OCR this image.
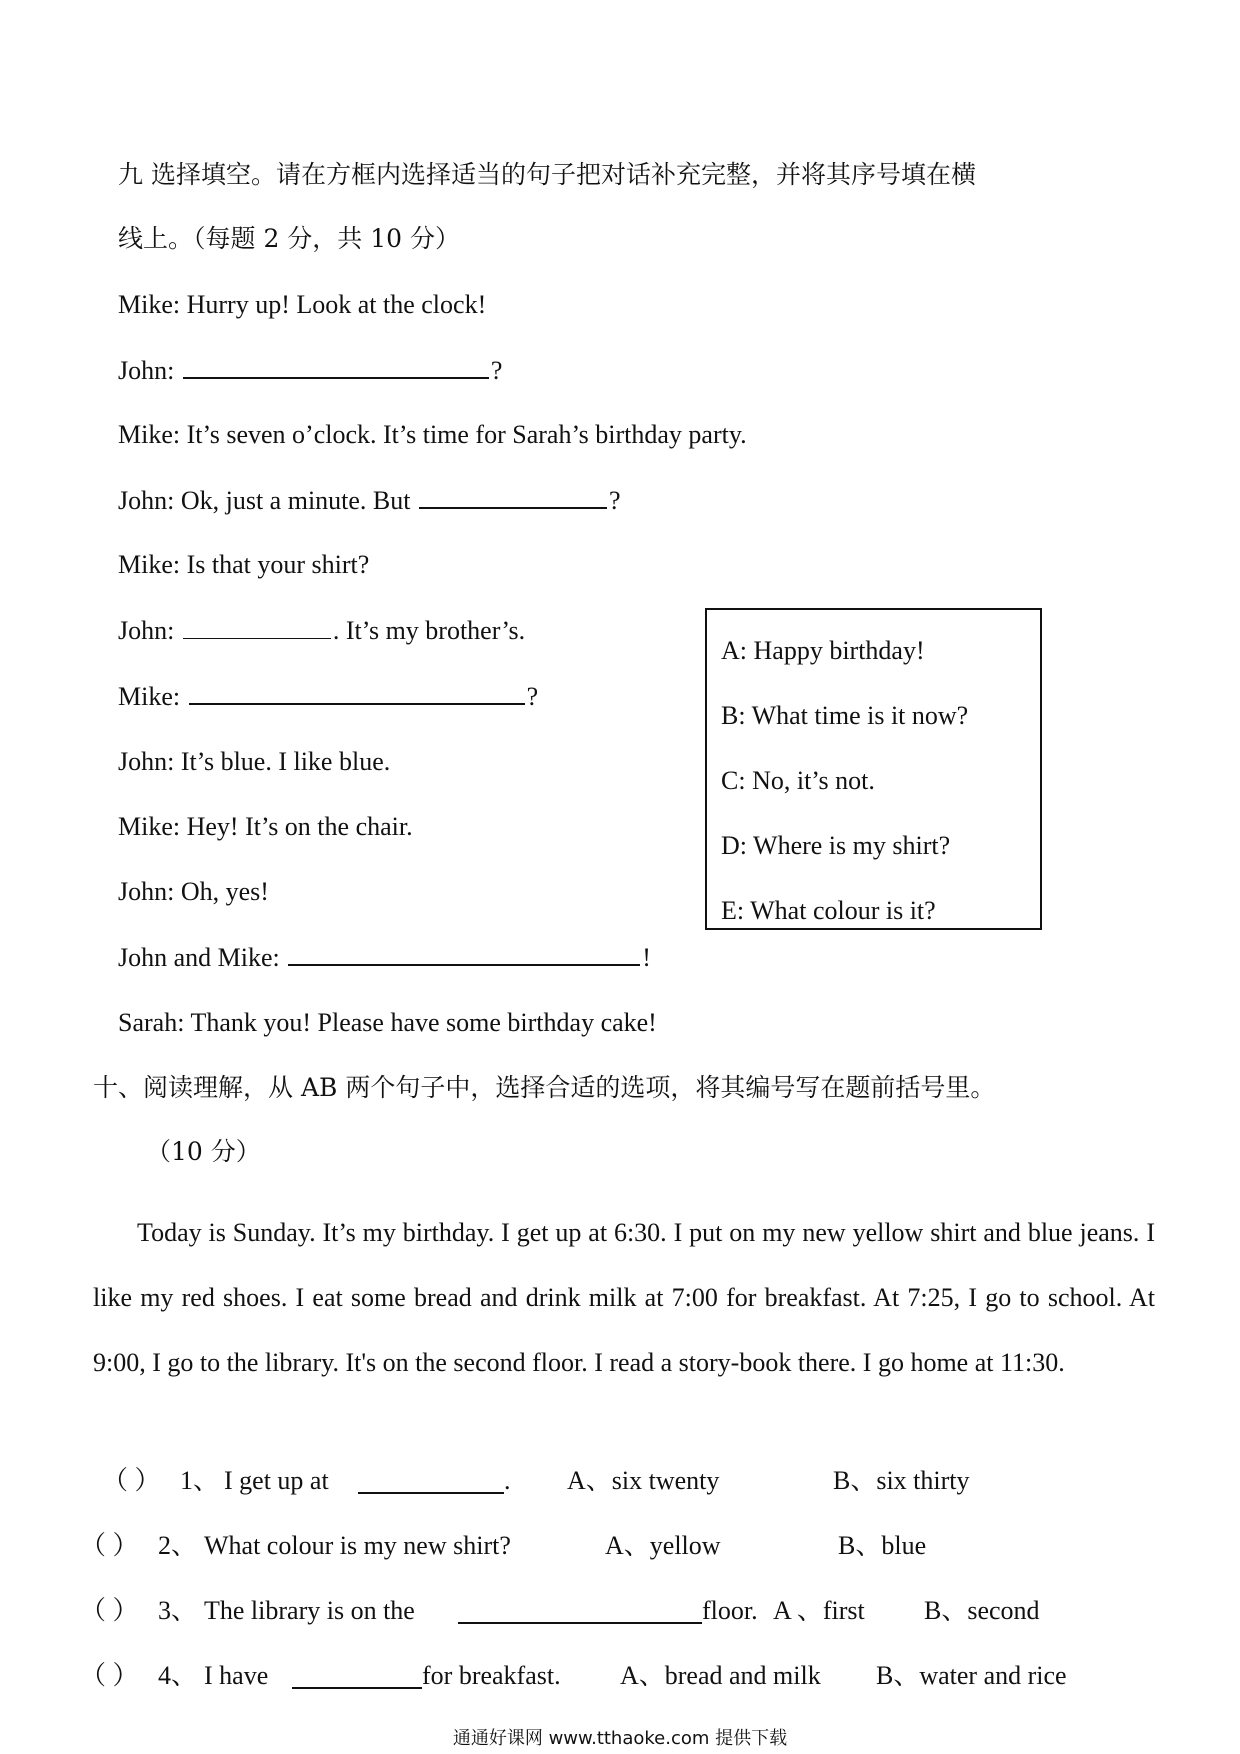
九 选择填空。请在方框内选择适当的句子把对话补充完整，并将其序号填在横
线上。（每题 2 分，共 10 分）
Mike: Hurry up! Look at the clock!
John:	?
Mike: It’s seven o’clock. It’s time for Sarah’s birthday party.
John: Ok, just a minute. But	?
Mike: Is that your shirt?
John:	. It’s my brother’s.
Mike:	?
John: It’s blue. I like blue.
Mike: Hey! It’s on the chair.
John: Oh, yes!
John and Mike:	!
Sarah: Thank you! Please have some birthday cake!
A: Happy birthday!
B: What time is it now?
C: No, it’s not.
D: Where is my shirt?
E: What colour is it?
十、阅读理解，从 AB 两个句子中，选择合适的选项，将其编号写在题前括号里。
（10 分）
Today is Sunday. It’s my birthday. I get up at 6:30. I put on my new yellow shirt and blue jeans. I like my red shoes. I eat some bread and drink milk at 7:00 for breakfast. At 7:25, I go to school. At 9:00, I go to the library. It's on the second floor. I read a story-book there. I go home at 11:30.
（ ） 1、 I get up at	. A、six twenty	B、six thirty
（ ） 2、 What colour is my new shirt?	A、yellow	B、blue
（ ） 3、 The library is on the	floor. A 、first B、second
（ ） 4、 I have	for breakfast. A、bread and milk B、water and rice
通通好课网 www.tthaoke.com 提供下载
